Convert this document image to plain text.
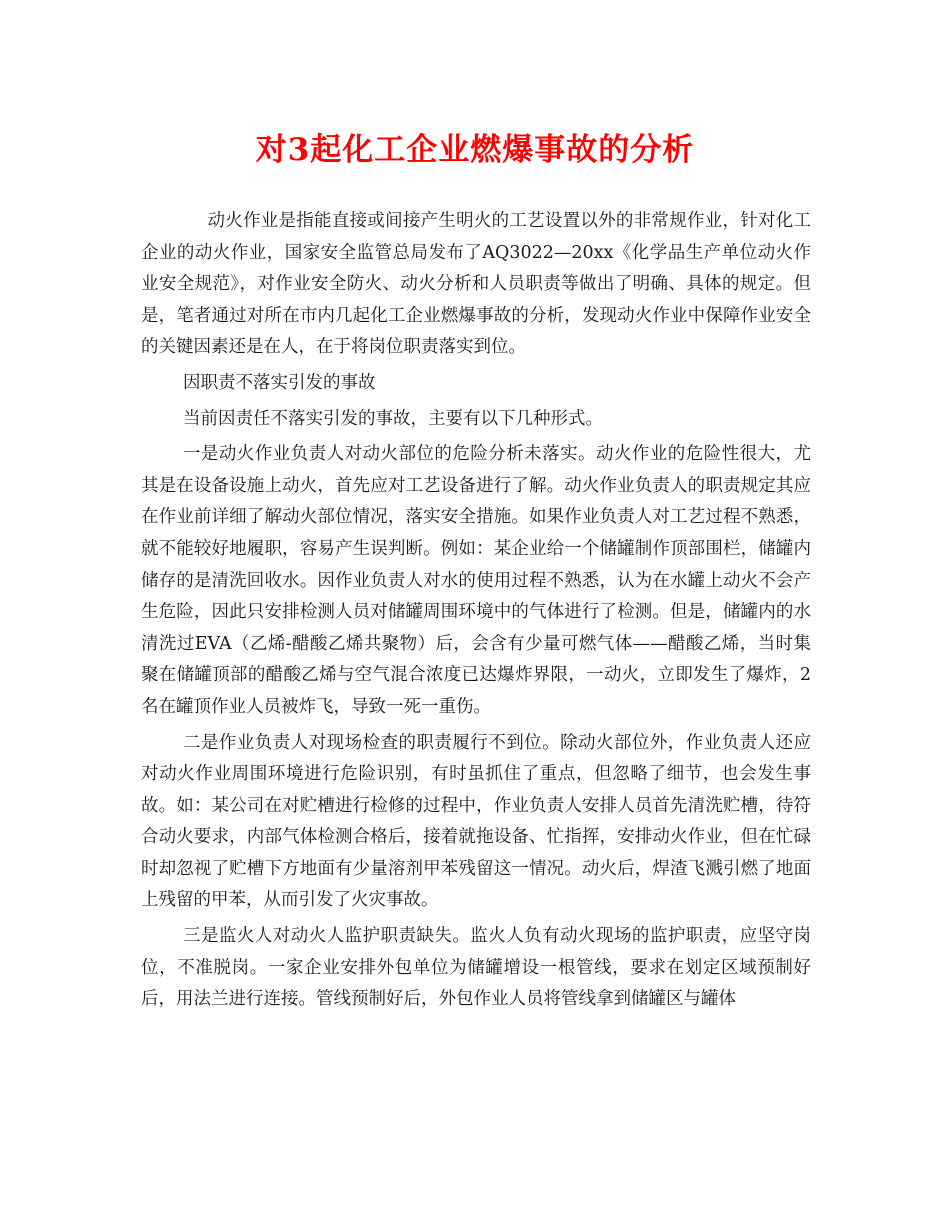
对3起化工企业燃爆事故的分析

动火作业是指能直接或间接产生明火的工艺设置以外的非常规作业，针对化工企业的动火作业，国家安全监管总局发布了AQ3022—20xx《化学品生产单位动火作业安全规范》，对作业安全防火、动火分析和人员职责等做出了明确、具体的规定。但是，笔者通过对所在市内几起化工企业燃爆事故的分析，发现动火作业中保障作业安全的关键因素还是在人，在于将岗位职责落实到位。

因职责不落实引发的事故

当前因责任不落实引发的事故，主要有以下几种形式。

一是动火作业负责人对动火部位的危险分析未落实。动火作业的危险性很大，尤其是在设备设施上动火，首先应对工艺设备进行了解。动火作业负责人的职责规定其应在作业前详细了解动火部位情况，落实安全措施。如果作业负责人对工艺过程不熟悉，就不能较好地履职，容易产生误判断。例如：某企业给一个储罐制作顶部围栏，储罐内储存的是清洗回收水。因作业负责人对水的使用过程不熟悉，认为在水罐上动火不会产生危险，因此只安排检测人员对储罐周围环境中的气体进行了检测。但是，储罐内的水清洗过EVA（乙烯-醋酸乙烯共聚物）后，会含有少量可燃气体——醋酸乙烯，当时集聚在储罐顶部的醋酸乙烯与空气混合浓度已达爆炸界限，一动火，立即发生了爆炸，2名在罐顶作业人员被炸飞，导致一死一重伤。

二是作业负责人对现场检查的职责履行不到位。除动火部位外，作业负责人还应对动火作业周围环境进行危险识别，有时虽抓住了重点，但忽略了细节，也会发生事故。如：某公司在对贮槽进行检修的过程中，作业负责人安排人员首先清洗贮槽，待符合动火要求，内部气体检测合格后，接着就拖设备、忙指挥，安排动火作业，但在忙碌时却忽视了贮槽下方地面有少量溶剂甲苯残留这一情况。动火后，焊渣飞溅引燃了地面上残留的甲苯，从而引发了火灾事故。

三是监火人对动火人监护职责缺失。监火人负有动火现场的监护职责，应坚守岗位，不准脱岗。一家企业安排外包单位为储罐增设一根管线，要求在划定区域预制好后，用法兰进行连接。管线预制好后，外包作业人员将管线拿到储罐区与罐体
